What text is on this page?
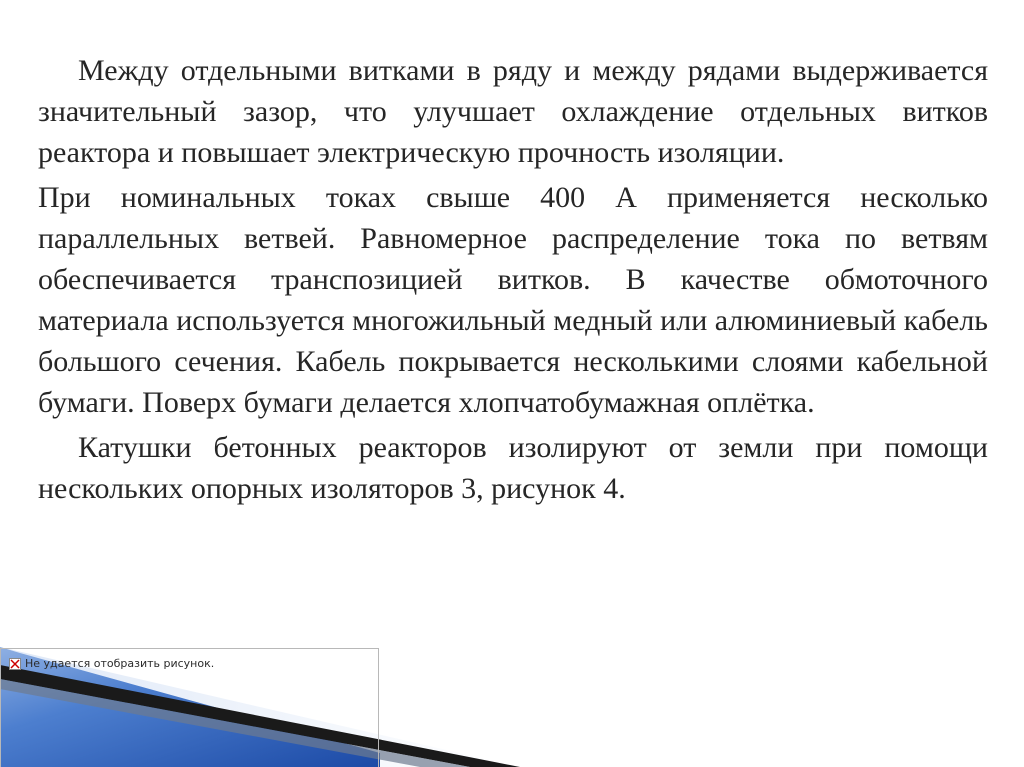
Между отдельными витками в ряду и между рядами выдерживается значительный зазор, что улучшает охлаждение отдельных витков реактора и повышает электрическую прочность изоляции.

При номинальных токах свыше 400 А применяется несколько параллельных ветвей. Равномерное распределение тока по ветвям обеспечивается транспозицией витков. В качестве обмоточного материала используется многожильный медный или алюминиевый кабель большого сечения. Кабель покрывается несколькими слоями кабельной бумаги. Поверх бумаги делается хлопчатобумажная оплётка.

Катушки бетонных реакторов изолируют от земли при помощи нескольких опорных изоляторов 3, рисунок 4.

Не удается отобразить рисунок.
